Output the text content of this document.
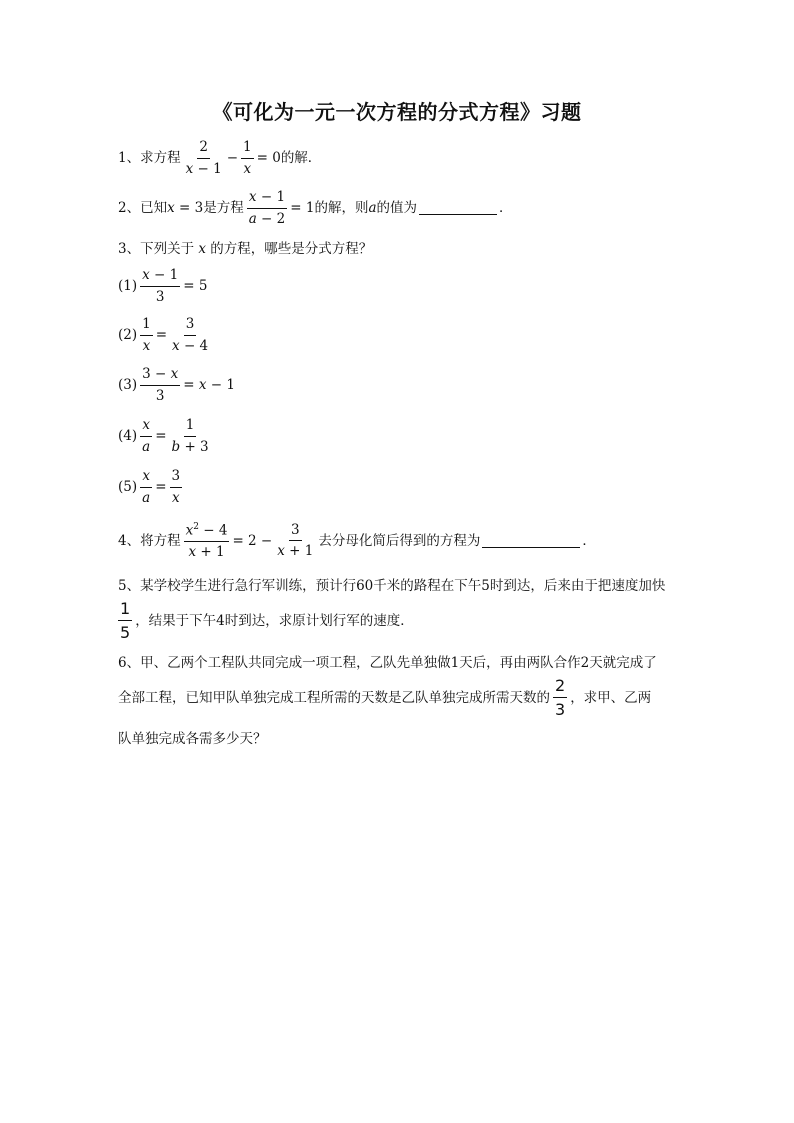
《可化为一元一次方程的分式方程》习题
1、求方程 $\frac{2}{x - 1} - \frac{1}{x} = 0$ 的解．
2、已知 x = 3 是方程 $\frac{x - 1}{a - 2} = 1$ 的解，则 a 的值为	．
3、下列关于 x 的方程，哪些是分式方程？
$(1) \frac{x - 1}{3} = 5$
$(2) \frac{1}{x} = \frac{3}{x - 4}$
$(3) \frac{3 - x}{3} = x - 1$
$(4) \frac{x}{a} = \frac{1}{b + 3}$
$(5) \frac{x}{a} = \frac{3}{x}$
4、将方程 $\frac{x^2 - 4}{x + 1} = 2 - \frac{3}{x + 1}$ 去分母化简后得到的方程为	．
5、某学校学生进行急行军训练，预计行60千米的路程在下午5时到达，后来由于把速度加快
$\frac{1}{5}$ ，结果于下午4时到达，求原计划行军的速度．
6、甲、乙两个工程队共同完成一项工程，乙队先单独做1天后，再由两队合作2天就完成了
全部工程，已知甲队单独完成工程所需的天数是乙队单独完成所需天数的 $\frac{2}{3}$ ，求甲、乙两
队单独完成各需多少天？
